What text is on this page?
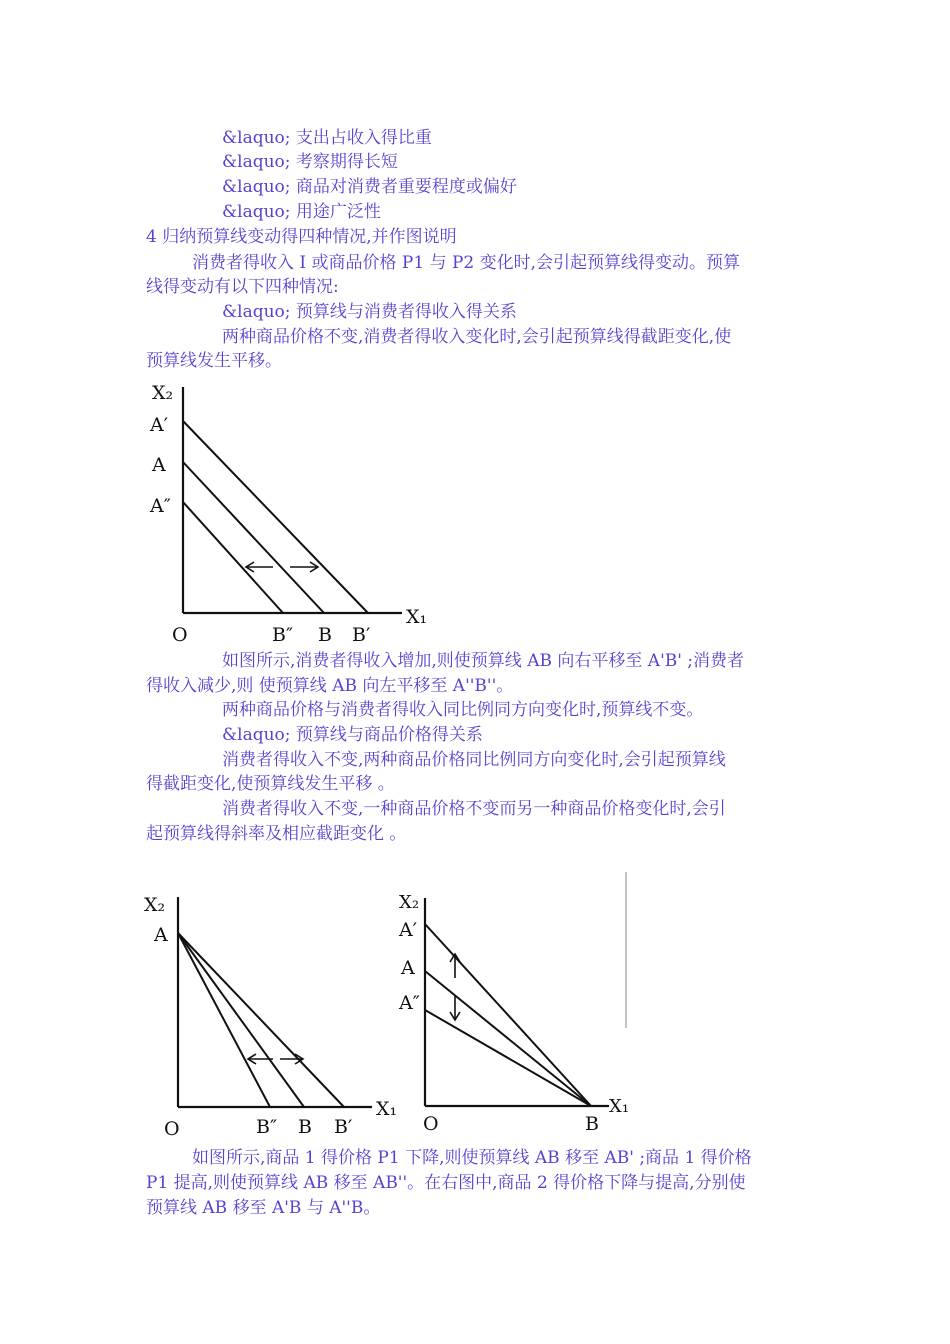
&laquo; 支出占收入得比重
&laquo; 考察期得长短
&laquo; 商品对消费者重要程度或偏好
&laquo; 用途广泛性
4 归纳预算线变动得四种情况,并作图说明
消费者得收入 I 或商品价格 P1 与 P2 变化时,会引起预算线得变动。预算
线得变动有以下四种情况:
&laquo; 预算线与消费者得收入得关系
两种商品价格不变,消费者得收入变化时,会引起预算线得截距变化,使
预算线发生平移。
X₂
X₁
O
A′
A
A″
B″ B B′
如图所示,消费者得收入增加,则使预算线 AB 向右平移至 A'B' ;消费者
得收入减少,则 使预算线 AB 向左平移至 A''B''。
两种商品价格与消费者得收入同比例同方向变化时,预算线不变。
&laquo; 预算线与商品价格得关系
消费者得收入不变,两种商品价格同比例同方向变化时,会引起预算线
得截距变化,使预算线发生平移 。
消费者得收入不变,一种商品价格不变而另一种商品价格变化时,会引
起预算线得斜率及相应截距变化 。
X₂
X₁
O
A
B″ B B′
X₂
X₁
O
A′
A
A″
B
如图所示,商品 1 得价格 P1 下降,则使预算线 AB 移至 AB' ;商品 1 得价格
P1 提高,则使预算线 AB 移至 AB''。在右图中,商品 2 得价格下降与提高,分别使
预算线 AB 移至 A'B 与 A''B。
